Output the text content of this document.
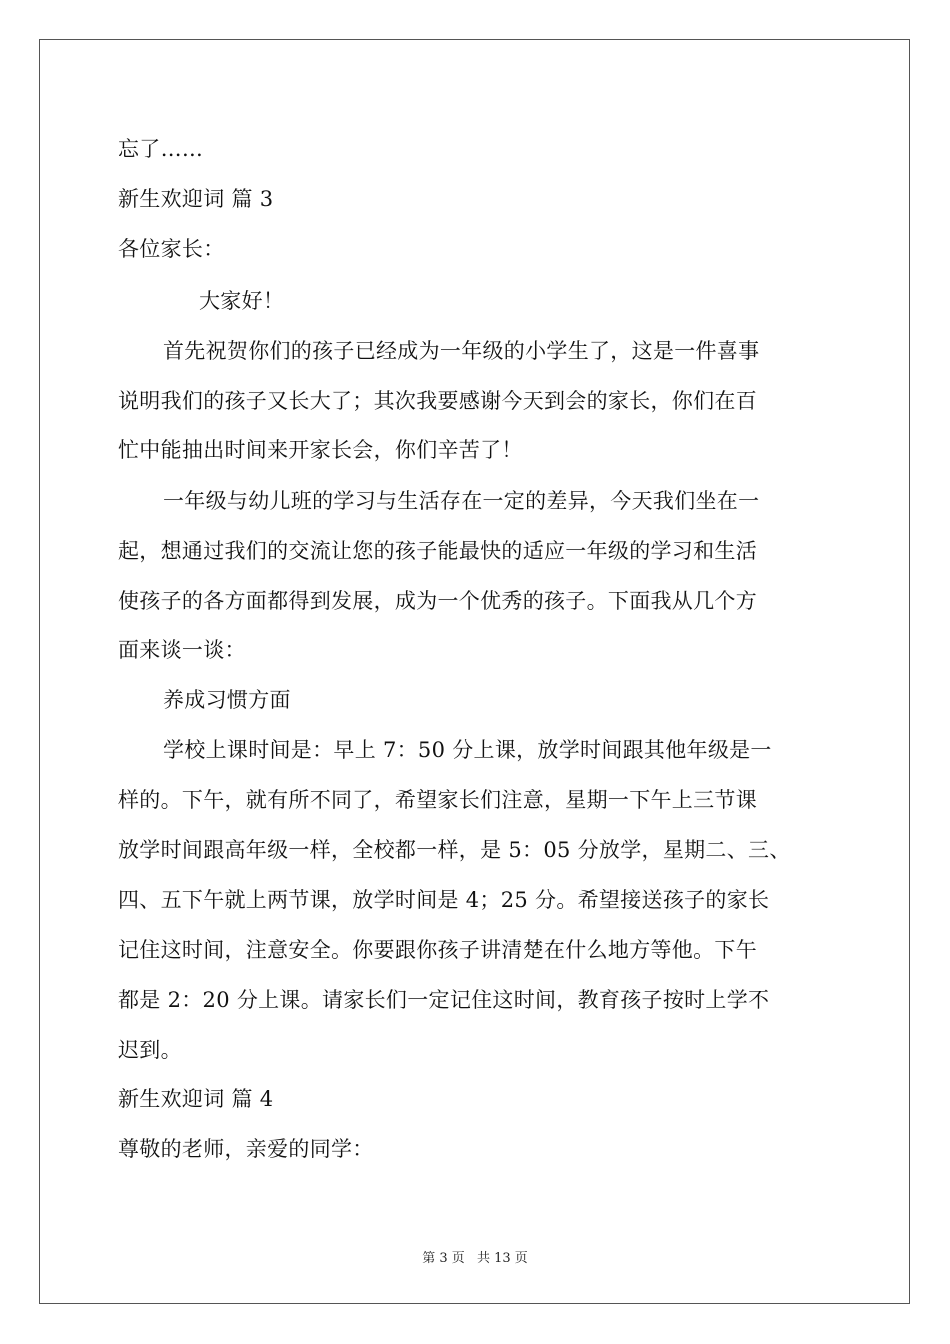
忘了……
新生欢迎词 篇 3
各位家长：
大家好！
首先祝贺你们的孩子已经成为一年级的小学生了，这是一件喜事
说明我们的孩子又长大了；其次我要感谢今天到会的家长，你们在百
忙中能抽出时间来开家长会，你们辛苦了！
一年级与幼儿班的学习与生活存在一定的差异，今天我们坐在一
起，想通过我们的交流让您的孩子能最快的适应一年级的学习和生活
使孩子的各方面都得到发展，成为一个优秀的孩子。下面我从几个方
面来谈一谈：
养成习惯方面
学校上课时间是：早上 7：50 分上课，放学时间跟其他年级是一
样的。下午，就有所不同了，希望家长们注意，星期一下午上三节课
放学时间跟高年级一样，全校都一样，是 5：05 分放学，星期二、三、
四、五下午就上两节课，放学时间是 4；25 分。希望接送孩子的家长
记住这时间，注意安全。你要跟你孩子讲清楚在什么地方等他。下午
都是 2：20 分上课。请家长们一定记住这时间，教育孩子按时上学不
迟到。
新生欢迎词 篇 4
尊敬的老师，亲爱的同学：
第 3 页 共 13 页
